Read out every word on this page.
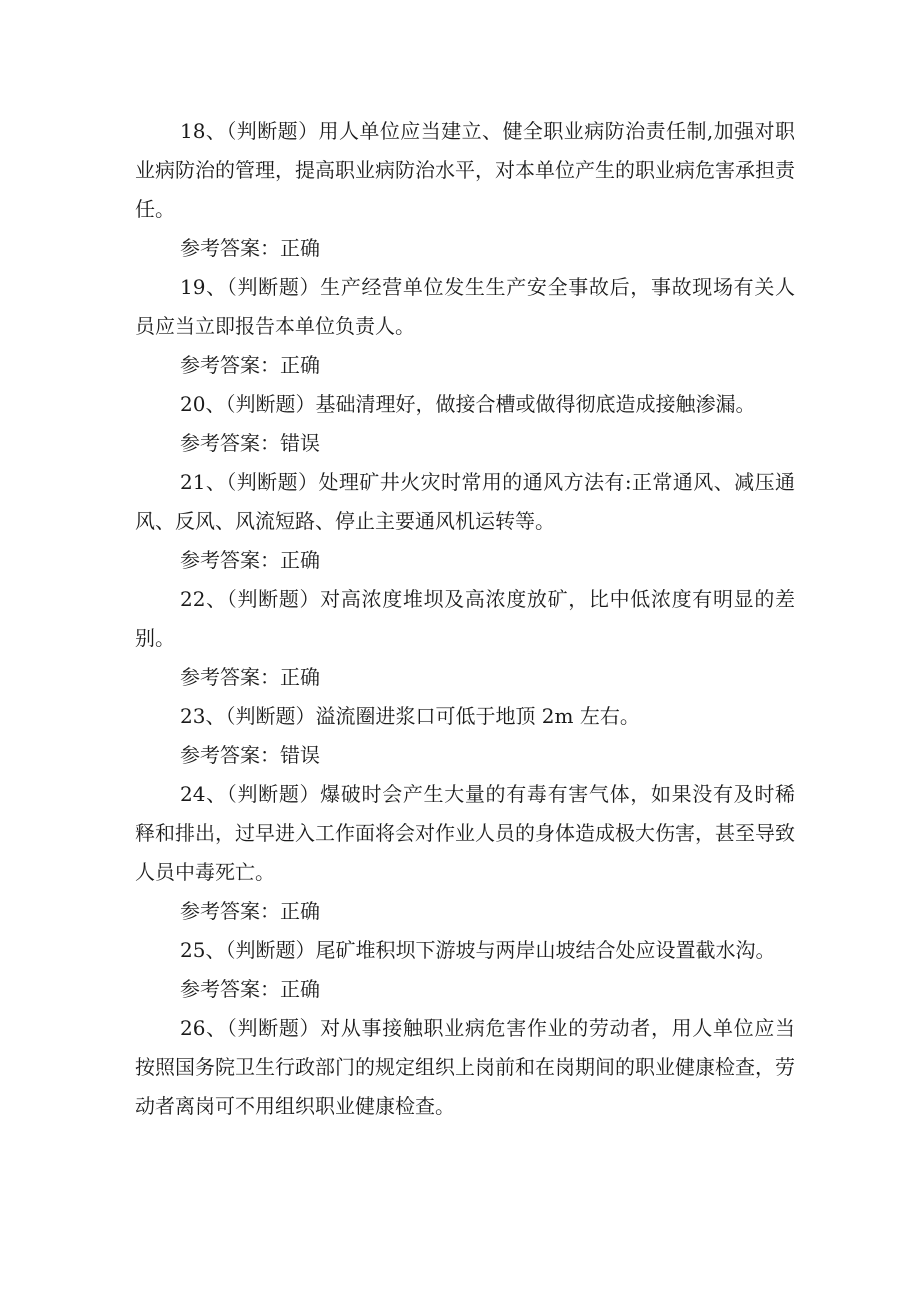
18、（判断题）用人单位应当建立、健全职业病防治责任制,加强对职业病防治的管理，提高职业病防治水平，对本单位产生的职业病危害承担责任。

参考答案：正确

19、（判断题）生产经营单位发生生产安全事故后，事故现场有关人员应当立即报告本单位负责人。

参考答案：正确

20、（判断题）基础清理好，做接合槽或做得彻底造成接触渗漏。

参考答案：错误

21、（判断题）处理矿井火灾时常用的通风方法有:正常通风、减压通风、反风、风流短路、停止主要通风机运转等。

参考答案：正确

22、（判断题）对高浓度堆坝及高浓度放矿，比中低浓度有明显的差别。

参考答案：正确

23、（判断题）溢流圈进浆口可低于地顶 2m 左右。

参考答案：错误

24、（判断题）爆破时会产生大量的有毒有害气体，如果没有及时稀释和排出，过早进入工作面将会对作业人员的身体造成极大伤害，甚至导致人员中毒死亡。

参考答案：正确

25、（判断题）尾矿堆积坝下游坡与两岸山坡结合处应设置截水沟。

参考答案：正确

26、（判断题）对从事接触职业病危害作业的劳动者，用人单位应当按照国务院卫生行政部门的规定组织上岗前和在岗期间的职业健康检查，劳动者离岗可不用组织职业健康检查。
